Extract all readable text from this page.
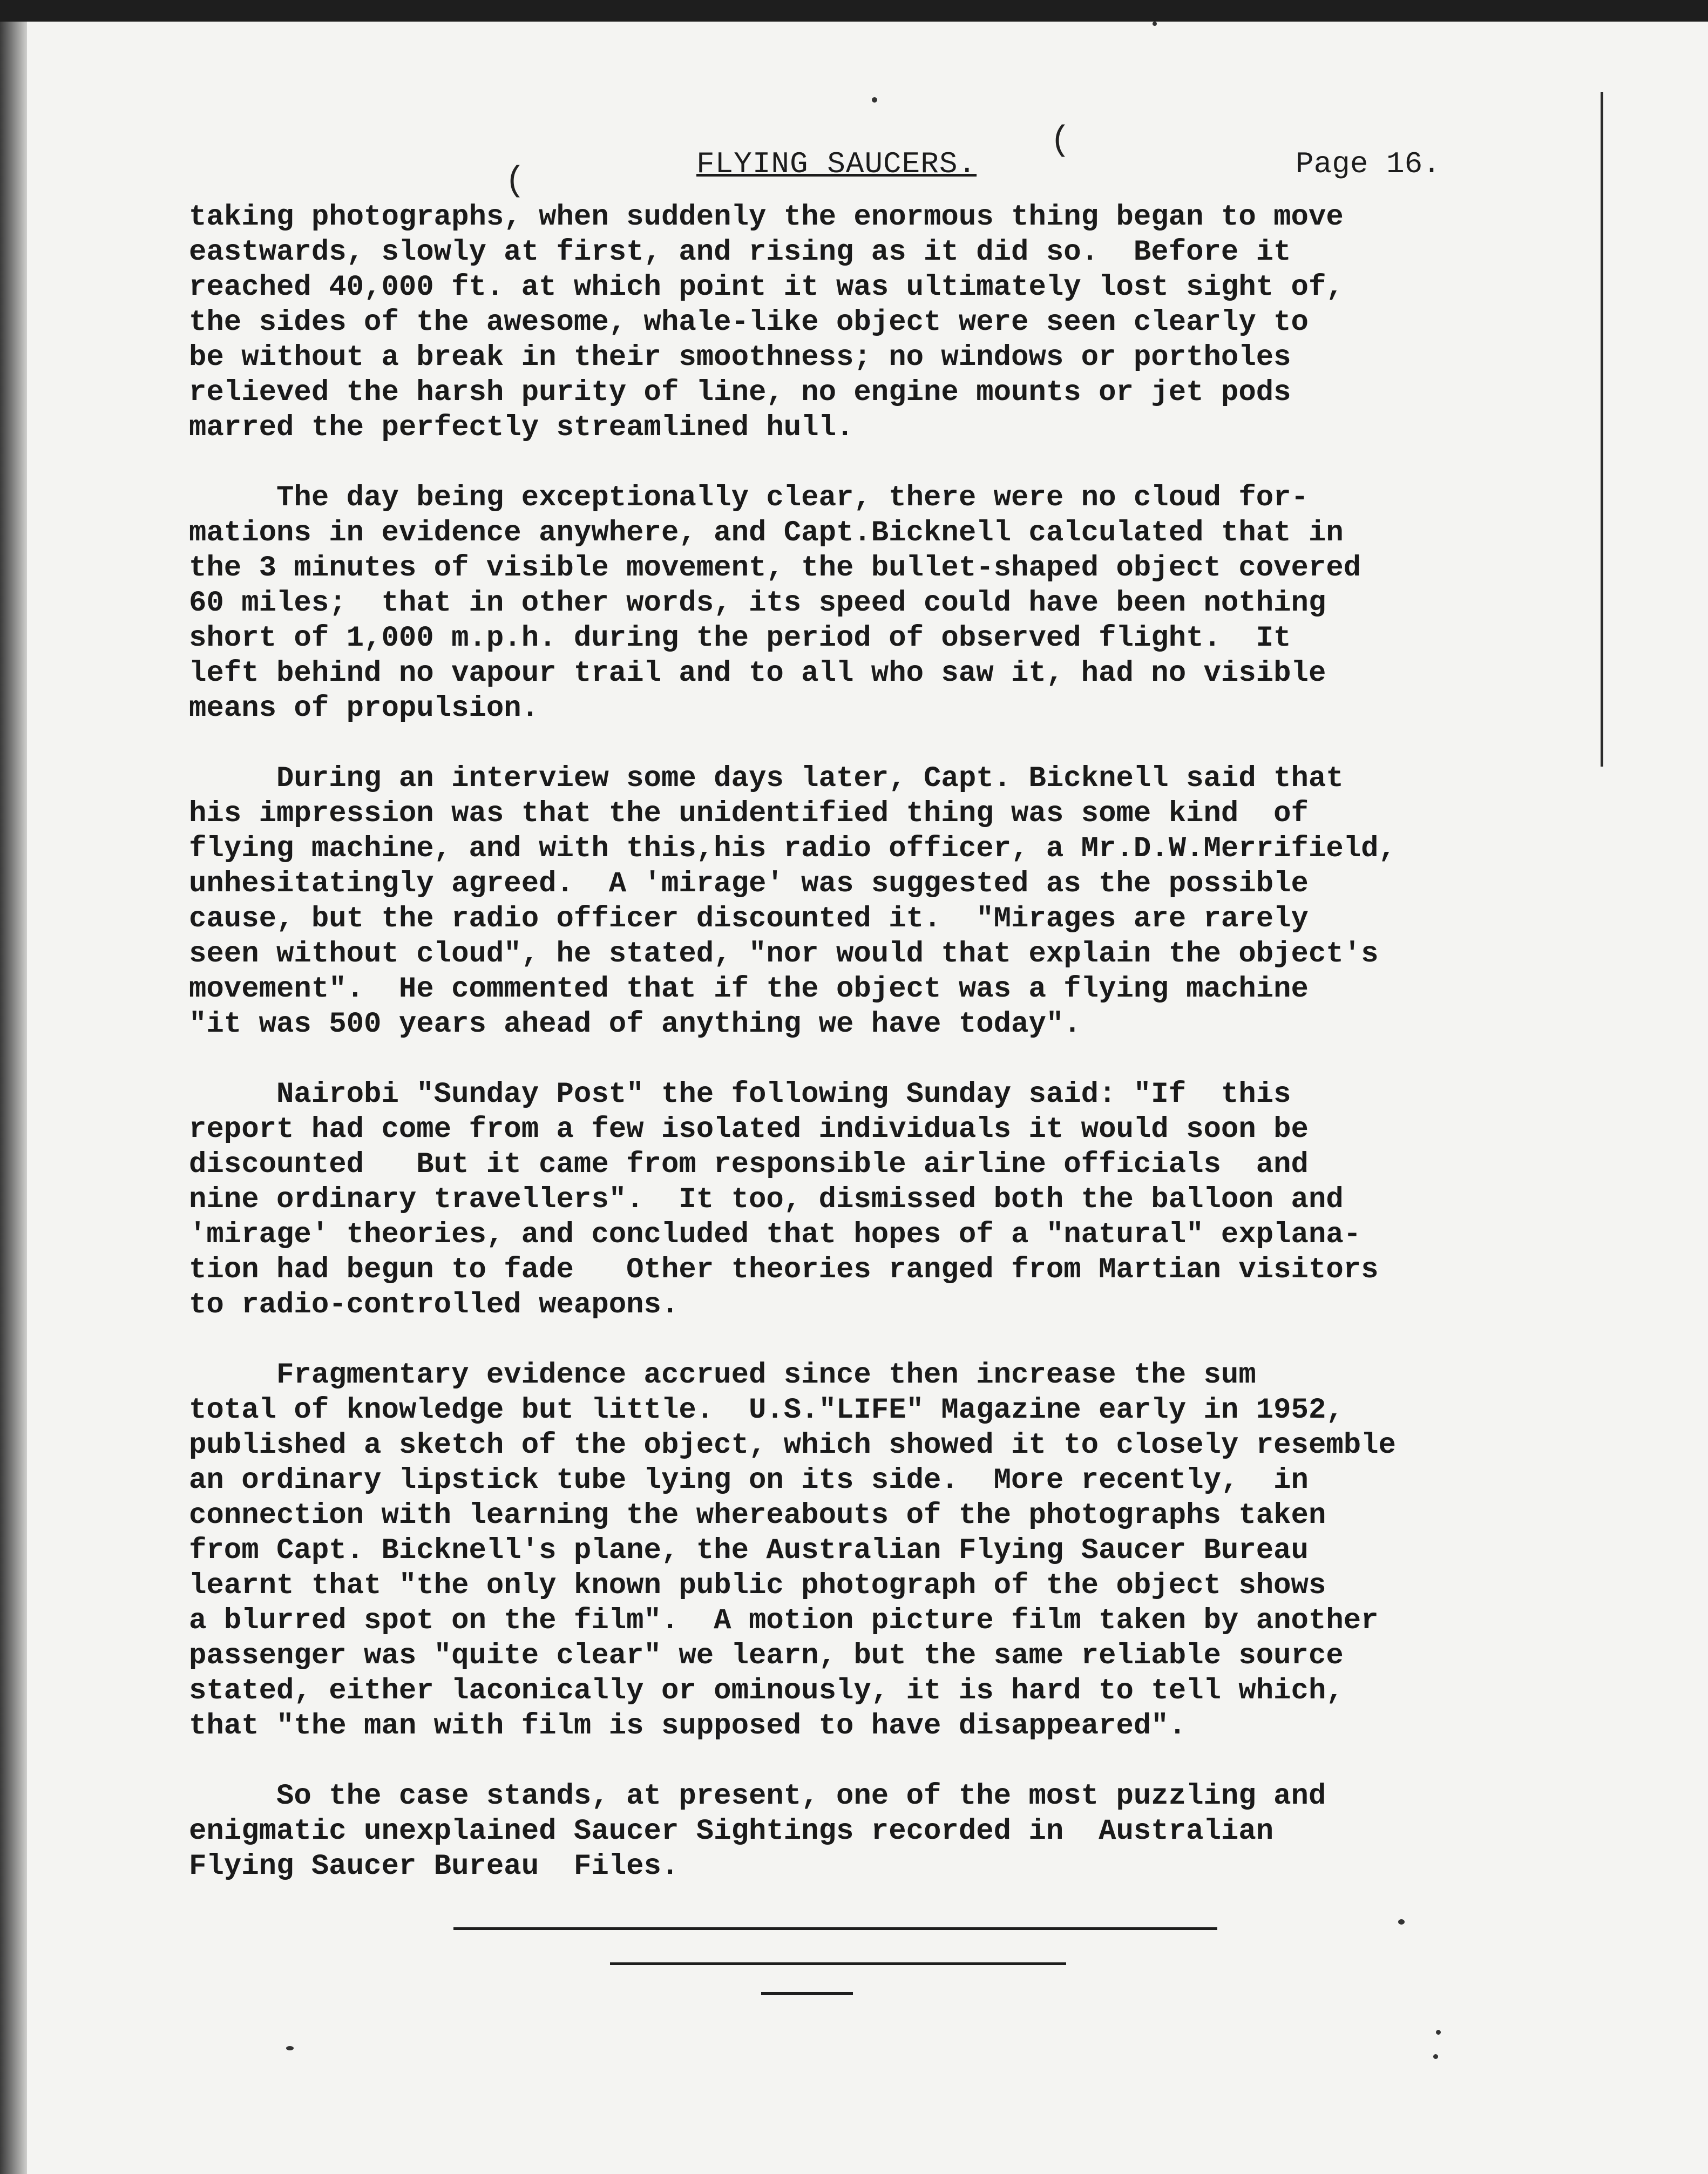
FLYING SAUCERS.	Page 16.
(
(
taking photographs, when suddenly the enormous thing began to move
eastwards, slowly at first, and rising as it did so.  Before it
reached 40,000 ft. at which point it was ultimately lost sight of,
the sides of the awesome, whale-like object were seen clearly to
be without a break in their smoothness; no windows or portholes
relieved the harsh purity of line, no engine mounts or jet pods
marred the perfectly streamlined hull.
The day being exceptionally clear, there were no cloud for-
mations in evidence anywhere, and Capt.Bicknell calculated that in
the 3 minutes of visible movement, the bullet-shaped object covered
60 miles;  that in other words, its speed could have been nothing
short of 1,000 m.p.h. during the period of observed flight.  It
left behind no vapour trail and to all who saw it, had no visible
means of propulsion.
During an interview some days later, Capt. Bicknell said that
his impression was that the unidentified thing was some kind  of
flying machine, and with this,his radio officer, a Mr.D.W.Merrifield,
unhesitatingly agreed.  A 'mirage' was suggested as the possible
cause, but the radio officer discounted it.  "Mirages are rarely
seen without cloud", he stated, "nor would that explain the object's
movement".  He commented that if the object was a flying machine
"it was 500 years ahead of anything we have today".
Nairobi "Sunday Post" the following Sunday said: "If  this
report had come from a few isolated individuals it would soon be
discounted   But it came from responsible airline officials  and
nine ordinary travellers".  It too, dismissed both the balloon and
'mirage' theories, and concluded that hopes of a "natural" explana-
tion had begun to fade   Other theories ranged from Martian visitors
to radio-controlled weapons.
Fragmentary evidence accrued since then increase the sum
total of knowledge but little.  U.S."LIFE" Magazine early in 1952,
published a sketch of the object, which showed it to closely resemble
an ordinary lipstick tube lying on its side.  More recently,  in
connection with learning the whereabouts of the photographs taken
from Capt. Bicknell's plane, the Australian Flying Saucer Bureau
learnt that "the only known public photograph of the object shows
a blurred spot on the film".  A motion picture film taken by another
passenger was "quite clear" we learn, but the same reliable source
stated, either laconically or ominously, it is hard to tell which,
that "the man with film is supposed to have disappeared".
So the case stands, at present, one of the most puzzling and
enigmatic unexplained Saucer Sightings recorded in  Australian
Flying Saucer Bureau  Files.
